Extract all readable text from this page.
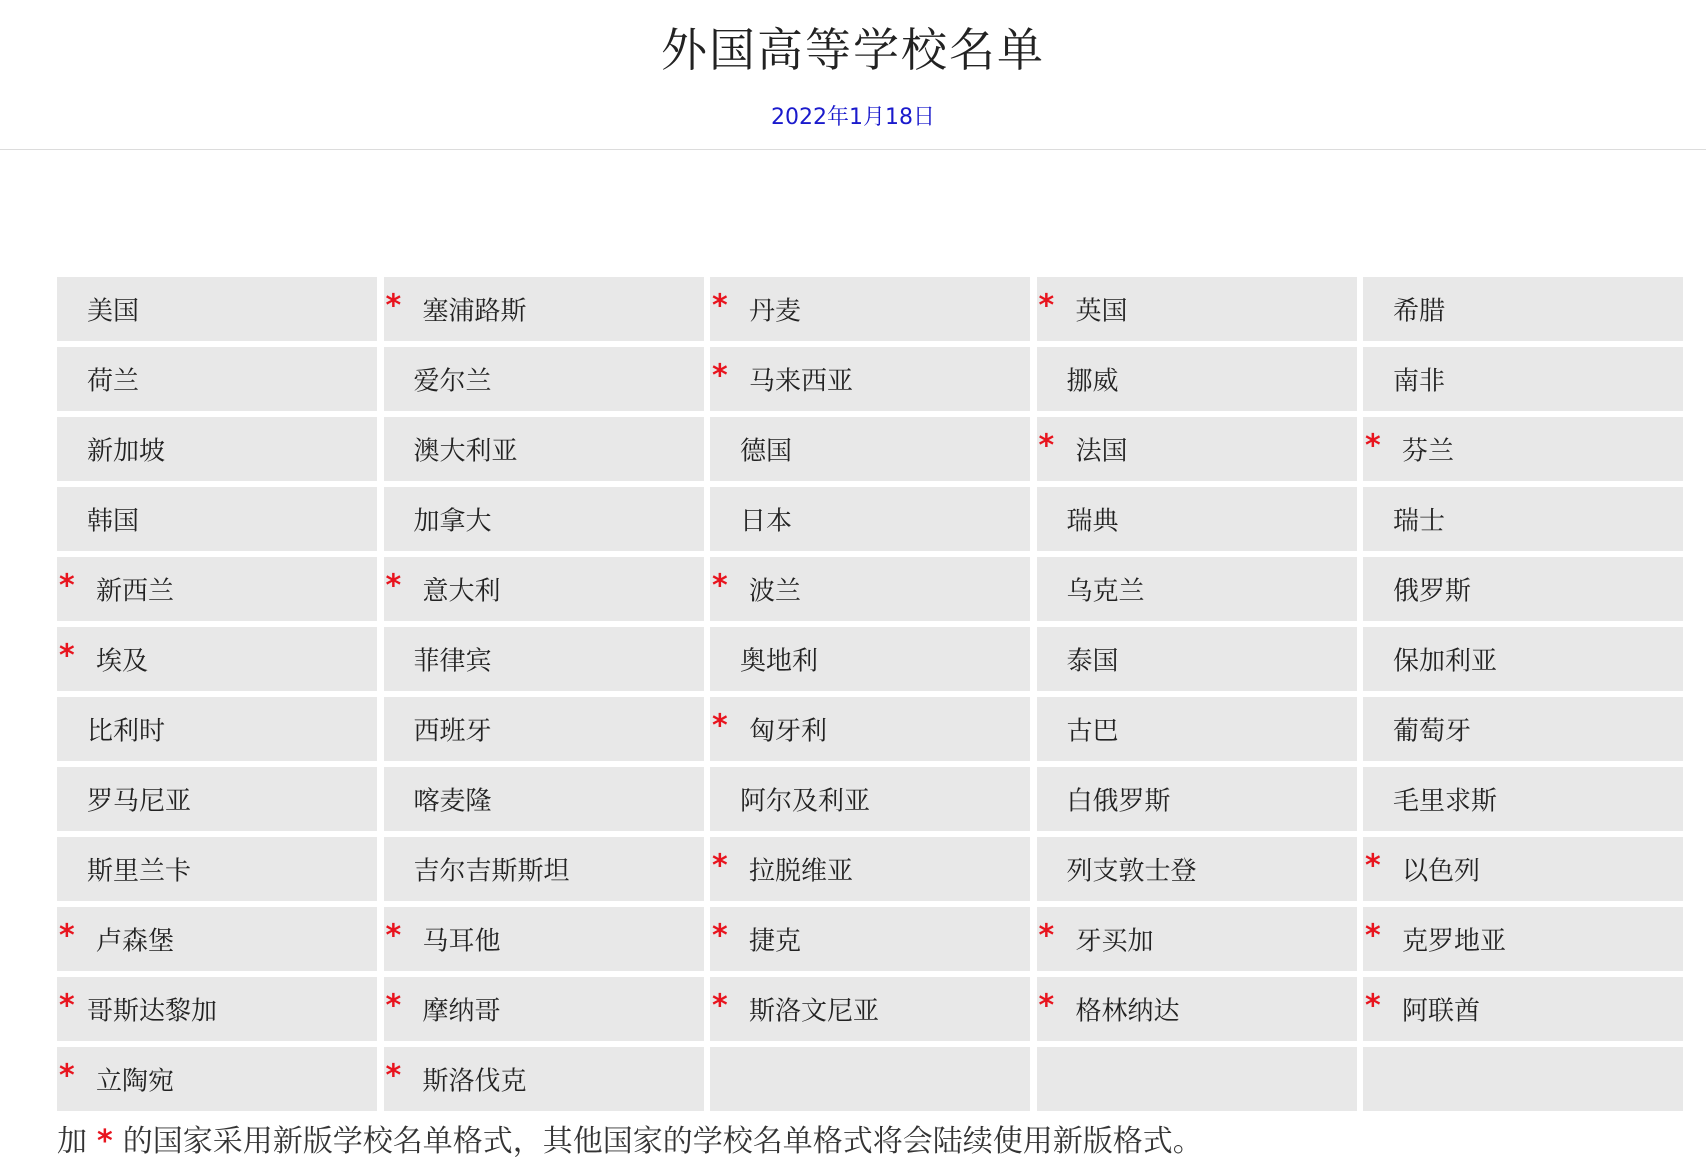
外国高等学校名单
2022年1月18日
美国	* 塞浦路斯	* 丹麦	* 英国	希腊
荷兰	爱尔兰	* 马来西亚	挪威	南非
新加坡	澳大利亚	德国	* 法国	* 芬兰
韩国	加拿大	日本	瑞典	瑞士
* 新西兰	* 意大利	* 波兰	乌克兰	俄罗斯
* 埃及	菲律宾	奥地利	泰国	保加利亚
比利时	西班牙	* 匈牙利	古巴	葡萄牙
罗马尼亚	喀麦隆	阿尔及利亚	白俄罗斯	毛里求斯
斯里兰卡	吉尔吉斯斯坦	* 拉脱维亚	列支敦士登	* 以色列
* 卢森堡	* 马耳他	* 捷克	* 牙买加	* 克罗地亚
* 哥斯达黎加	* 摩纳哥	* 斯洛文尼亚	* 格林纳达	* 阿联酋
* 立陶宛	* 斯洛伐克
加 * 的国家采用新版学校名单格式，其他国家的学校名单格式将会陆续使用新版格式。
